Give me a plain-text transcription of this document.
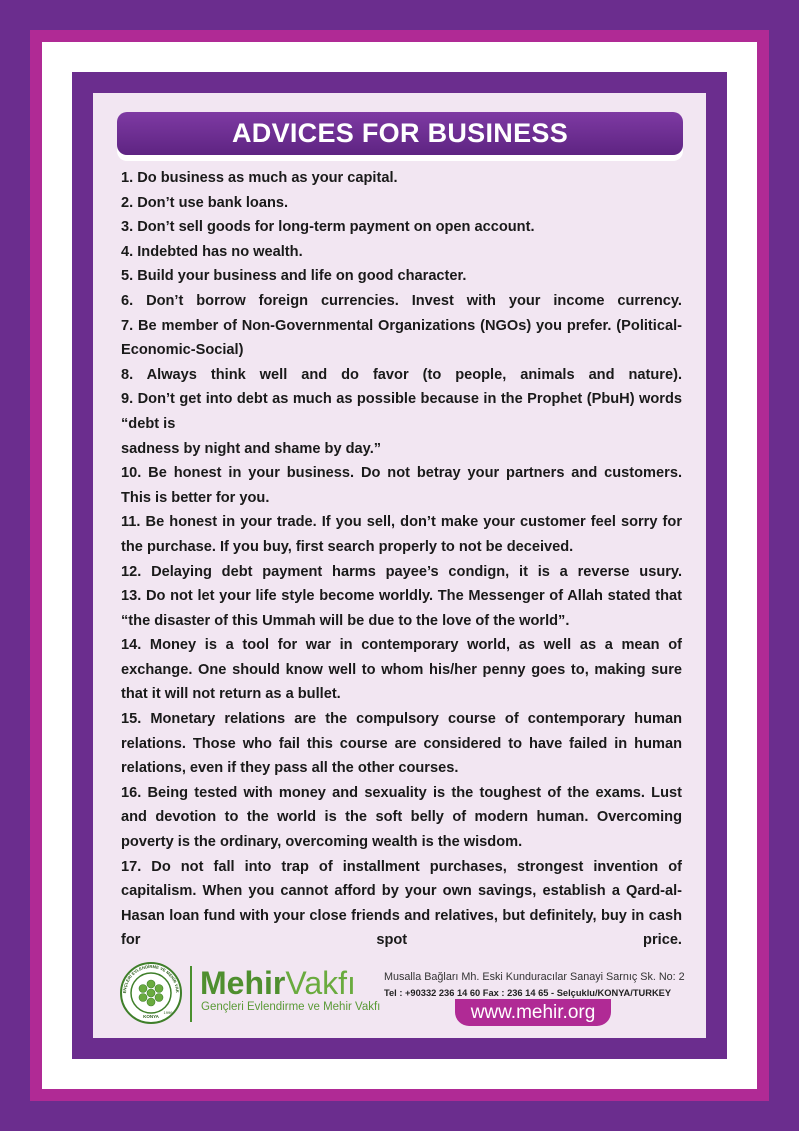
ADVICES FOR BUSINESS

1. Do business as much as your capital.

2. Don’t use bank loans.

3. Don’t sell goods for long-term payment on open account.

4. Indebted has no wealth.

5. Build your business and life on good character.

6. Don’t borrow foreign currencies. Invest with your income currency.

7. Be member of Non-Governmental Organizations (NGOs) you prefer. (Political-Economic-Social)

8. Always think well and do favor (to people, animals and nature).

9. Don’t get into debt as much as possible because in the Prophet (PbuH) words “debt is

sadness by night and shame by day.”

10. Be honest in your business. Do not betray your partners and customers. This is better for you.

11. Be honest in your trade. If you sell, don’t make your customer feel sorry for the purchase. If you buy, first search properly to not be deceived.

12. Delaying debt payment harms payee’s condign, it is a reverse usury.

13. Do not let your life style become worldly. The Messenger of Allah stated that “the disaster of this Ummah will be due to the love of the world”.

14. Money is a tool for war in contemporary world, as well as a mean of exchange. One should know well to whom his/her penny goes to, making sure that it will not return as a bullet.

15. Monetary relations are the compulsory course of contemporary human relations. Those who fail this course are considered to have failed in human relations, even if they pass all the other courses.

16. Being tested with money and sexuality is the toughest of the exams. Lust and devotion to the world is the soft belly of modern human. Overcoming poverty is the ordinary, overcoming wealth is the wisdom.

17. Do not fall into trap of installment purchases, strongest invention of capitalism. When you cannot afford by your own savings, establish a Qard-al-Hasan loan fund with your close friends and relatives, but definitely, buy in cash for spot price.

ENÇLERİ EVLENDİRME VE MEHİR VAK
KONYA
1996
MehirVakfı
Gençleri Evlendirme ve Mehir Vakfı
Musalla Bağları Mh. Eski Kunduracılar Sanayi Sarnıç Sk. No: 2
Tel : +90332 236 14 60 Fax : 236 14 65 - Selçuklu/KONYA/TURKEY
www.mehir.org
